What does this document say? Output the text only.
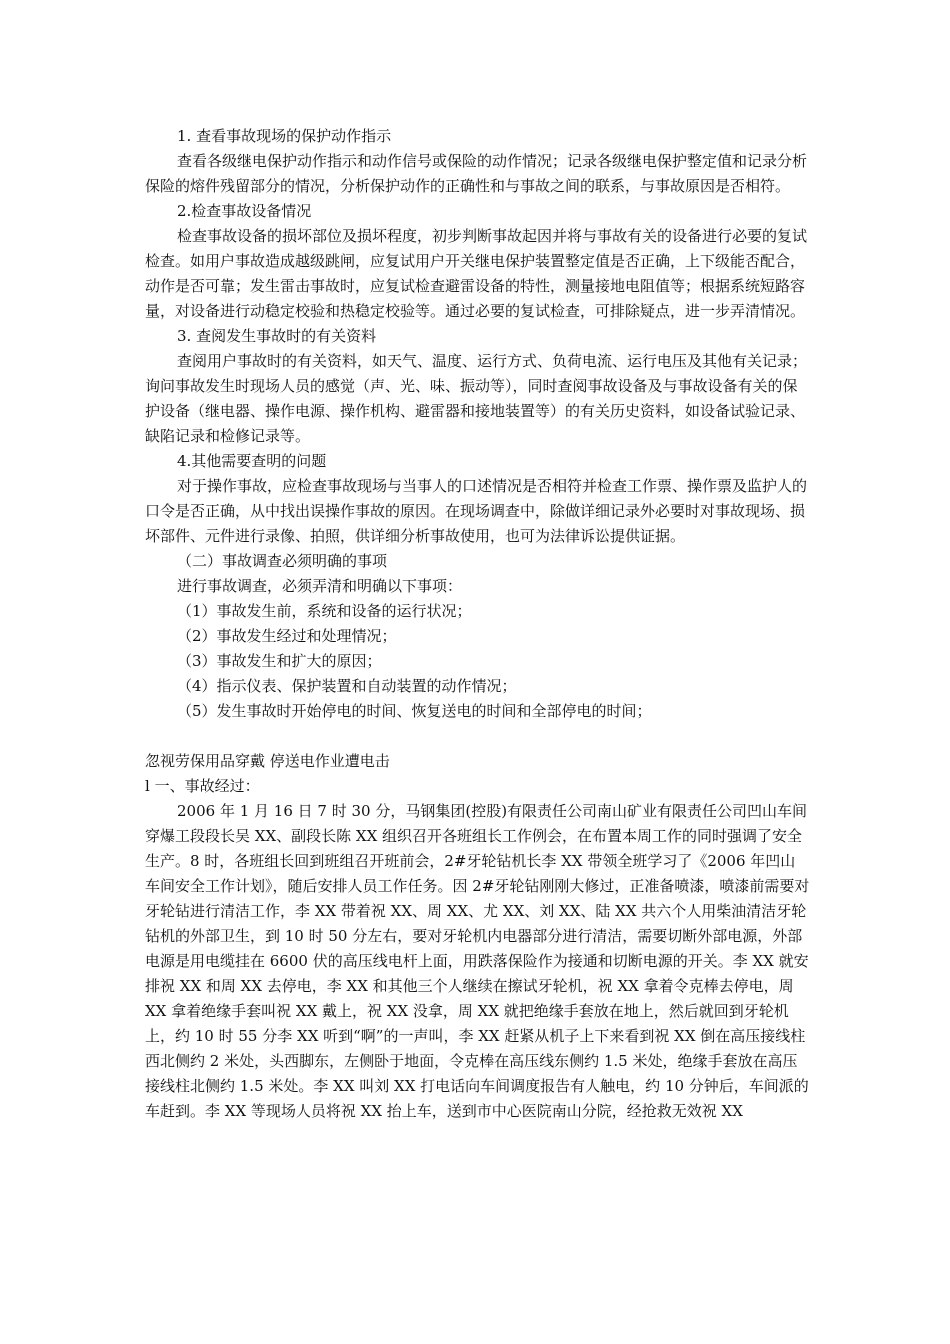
1. 查看事故现场的保护动作指示

查看各级继电保护动作指示和动作信号或保险的动作情况；记录各级继电保护整定值和记录分析保险的熔件残留部分的情况，分析保护动作的正确性和与事故之间的联系，与事故原因是否相符。

2.检查事故设备情况

检查事故设备的损坏部位及损坏程度，初步判断事故起因并将与事故有关的设备进行必要的复试检查。如用户事故造成越级跳闸，应复试用户开关继电保护装置整定值是否正确，上下级能否配合，动作是否可靠；发生雷击事故时，应复试检查避雷设备的特性，测量接地电阻值等；根据系统短路容量，对设备进行动稳定校验和热稳定校验等。通过必要的复试检查，可排除疑点，进一步弄清情况。

3. 查阅发生事故时的有关资料

查阅用户事故时的有关资料，如天气、温度、运行方式、负荷电流、运行电压及其他有关记录；询问事故发生时现场人员的感觉（声、光、味、振动等），同时查阅事故设备及与事故设备有关的保护设备（继电器、操作电源、操作机构、避雷器和接地装置等）的有关历史资料，如设备试验记录、缺陷记录和检修记录等。

4.其他需要查明的问题

对于操作事故，应检查事故现场与当事人的口述情况是否相符并检查工作票、操作票及监护人的口令是否正确，从中找出误操作事故的原因。在现场调查中，除做详细记录外必要时对事故现场、损坏部件、元件进行录像、拍照，供详细分析事故使用，也可为法律诉讼提供证据。

（二）事故调查必须明确的事项

进行事故调查，必须弄清和明确以下事项：

（1）事故发生前，系统和设备的运行状况；

（2）事故发生经过和处理情况；

（3）事故发生和扩大的原因；

（4）指示仪表、保护装置和自动装置的动作情况；

（5）发生事故时开始停电的时间、恢复送电的时间和全部停电的时间；

忽视劳保用品穿戴 停送电作业遭电击

l 一、事故经过：

2006 年 1 月 16 日 7 时 30 分，马钢集团(控股)有限责任公司南山矿业有限责任公司凹山车间穿爆工段段长吴 XX、副段长陈 XX 组织召开各班组长工作例会，在布置本周工作的同时强调了安全生产。8 时，各班组长回到班组召开班前会，2#牙轮钻机长李 XX 带领全班学习了《2006 年凹山车间安全工作计划》，随后安排人员工作任务。因 2#牙轮钻刚刚大修过，正准备喷漆，喷漆前需要对牙轮钻进行清洁工作，李 XX 带着祝 XX、周 XX、尤 XX、刘 XX、陆 XX 共六个人用柴油清洁牙轮钻机的外部卫生，到 10 时 50 分左右，要对牙轮机内电器部分进行清洁，需要切断外部电源，外部电源是用电缆挂在 6600 伏的高压线电杆上面，用跌落保险作为接通和切断电源的开关。李 XX 就安排祝 XX 和周 XX 去停电，李 XX 和其他三个人继续在擦试牙轮机，祝 XX 拿着令克棒去停电，周 XX 拿着绝缘手套叫祝 XX 戴上，祝 XX 没拿，周 XX 就把绝缘手套放在地上，然后就回到牙轮机上，约 10 时 55 分李 XX 听到“啊”的一声叫，李 XX 赶紧从机子上下来看到祝 XX 倒在高压接线柱西北侧约 2 米处，头西脚东，左侧卧于地面，令克棒在高压线东侧约 1.5 米处，绝缘手套放在高压接线柱北侧约 1.5 米处。李 XX 叫刘 XX 打电话向车间调度报告有人触电，约 10 分钟后，车间派的车赶到。李 XX 等现场人员将祝 XX 抬上车，送到市中心医院南山分院，经抢救无效祝 XX
